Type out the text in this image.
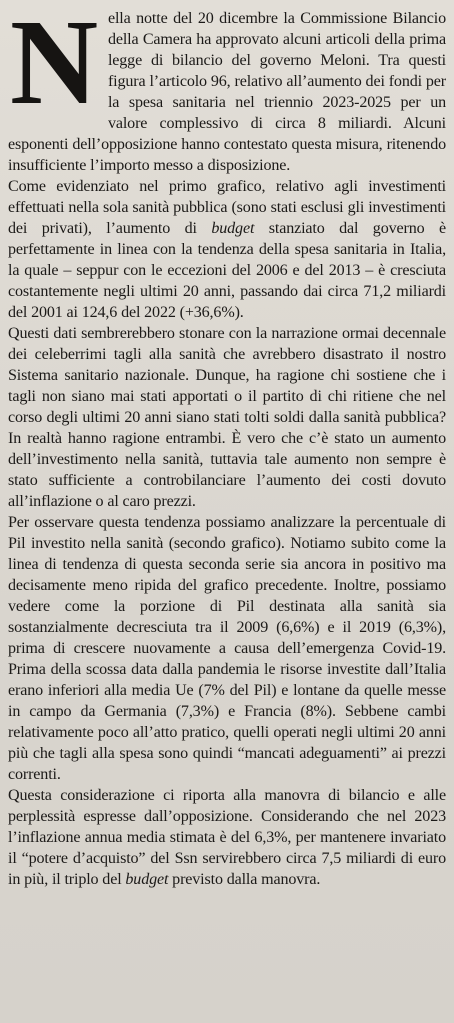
Nella notte del 20 dicembre la Commissione Bilancio della Camera ha approvato alcuni articoli della prima legge di bilancio del governo Meloni. Tra questi figura l’articolo 96, relativo all’aumento dei fondi per la spesa sanitaria nel triennio 2023-2025 per un valore complessivo di circa 8 miliardi. Alcuni esponenti dell’opposizione hanno contestato questa misura, ritenendo insufficiente l’importo messo a disposizione.

Come evidenziato nel primo grafico, relativo agli investimenti effettuati nella sola sanità pubblica (sono stati esclusi gli investimenti dei privati), l’aumento di budget stanziato dal governo è perfettamente in linea con la tendenza della spesa sanitaria in Italia, la quale – seppur con le eccezioni del 2006 e del 2013 – è cresciuta costantemente negli ultimi 20 anni, passando dai circa 71,2 miliardi del 2001 ai 124,6 del 2022 (+36,6%).

Questi dati sembrerebbero stonare con la narrazione ormai decennale dei celeberrimi tagli alla sanità che avrebbero disastrato il nostro Sistema sanitario nazionale. Dunque, ha ragione chi sostiene che i tagli non siano mai stati apportati o il partito di chi ritiene che nel corso degli ultimi 20 anni siano stati tolti soldi dalla sanità pubblica? In realtà hanno ragione entrambi. È vero che c’è stato un aumento dell’investimento nella sanità, tuttavia tale aumento non sempre è stato sufficiente a controbilanciare l’aumento dei costi dovuto all’inflazione o al caro prezzi.

Per osservare questa tendenza possiamo analizzare la percentuale di Pil investito nella sanità (secondo grafico). Notiamo subito come la linea di tendenza di questa seconda serie sia ancora in positivo ma decisamente meno ripida del grafico precedente. Inoltre, possiamo vedere come la porzione di Pil destinata alla sanità sia sostanzialmente decresciuta tra il 2009 (6,6%) e il 2019 (6,3%), prima di crescere nuovamente a causa dell’emergenza Covid-19. Prima della scossa data dalla pandemia le risorse investite dall’Italia erano inferiori alla media Ue (7% del Pil) e lontane da quelle messe in campo da Germania (7,3%) e Francia (8%). Sebbene cambi relativamente poco all’atto pratico, quelli operati negli ultimi 20 anni più che tagli alla spesa sono quindi “mancati adeguamenti” ai prezzi correnti.

Questa considerazione ci riporta alla manovra di bilancio e alle perplessità espresse dall’opposizione. Considerando che nel 2023 l’inflazione annua media stimata è del 6,3%, per mantenere invariato il “potere d’acquisto” del Ssn servirebbero circa 7,5 miliardi di euro in più, il triplo del budget previsto dalla manovra.
